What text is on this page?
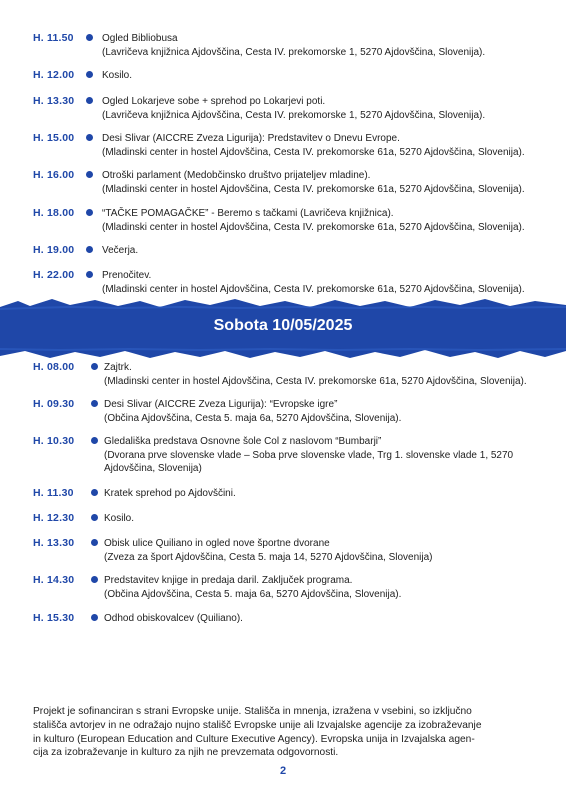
H. 11.50	Ogled Bibliobusa
(Lavričeva knjižnica Ajdovščina, Cesta IV. prekomorske 1, 5270 Ajdovščina, Slovenija).
H. 12.00	Kosilo.
H. 13.30	Ogled Lokarjeve sobe + sprehod po Lokarjevi poti.
(Lavričeva knjižnica Ajdovščina, Cesta IV. prekomorske 1, 5270 Ajdovščina, Slovenija).
H. 15.00	Desi Slivar (AICCRE Zveza Ligurija): Predstavitev o Dnevu Evrope.
(Mladinski center in hostel Ajdovščina, Cesta IV. prekomorske 61a, 5270 Ajdovščina, Slovenija).
H. 16.00	Otroški parlament (Medobčinsko društvo prijateljev mladine).
(Mladinski center in hostel Ajdovščina, Cesta IV. prekomorske 61a, 5270 Ajdovščina, Slovenija).
H. 18.00	“TAČKE POMAGAČKE” - Beremo s tačkami (Lavričeva knjižnica).
(Mladinski center in hostel Ajdovščina, Cesta IV. prekomorske 61a, 5270 Ajdovščina, Slovenija).
H. 19.00	Večerja.
H. 22.00	Prenočitev.
(Mladinski center in hostel Ajdovščina, Cesta IV. prekomorske 61a, 5270 Ajdovščina, Slovenija).
Sobota 10/05/2025
H. 08.00	Zajtrk.
(Mladinski center in hostel Ajdovščina, Cesta IV. prekomorske 61a, 5270 Ajdovščina, Slovenija).
H. 09.30	Desi Slivar (AICCRE Zveza Ligurija): “Evropske igre”
(Občina Ajdovščina, Cesta 5. maja 6a, 5270 Ajdovščina, Slovenija).
H. 10.30	Gledališka predstava Osnovne šole Col z naslovom “Bumbarji”
(Dvorana prve slovenske vlade – Soba prve slovenske vlade, Trg 1. slovenske vlade 1, 5270
Ajdovščina, Slovenija)
H. 11.30	Kratek sprehod po Ajdovščini.
H. 12.30	Kosilo.
H. 13.30	Obisk ulice Quiliano in ogled nove športne dvorane
(Zveza za šport Ajdovščina, Cesta 5. maja 14, 5270 Ajdovščina, Slovenija)
H. 14.30	Predstavitev knjige in predaja daril. Zaključek programa.
(Občina Ajdovščina, Cesta 5. maja 6a, 5270 Ajdovščina, Slovenija).
H. 15.30	Odhod obiskovalcev (Quiliano).
Projekt je sofinanciran s strani Evropske unije. Stališča in mnenja, izražena v vsebini, so izključno
stališča avtorjev in ne odražajo nujno stališč Evropske unije ali Izvajalske agencije za izobraževanje
in kulturo (European Education and Culture Executive Agency). Evropska unija in Izvajalska agen-
cija za izobraževanje in kulturo za njih ne prevzemata odgovornosti.
2
